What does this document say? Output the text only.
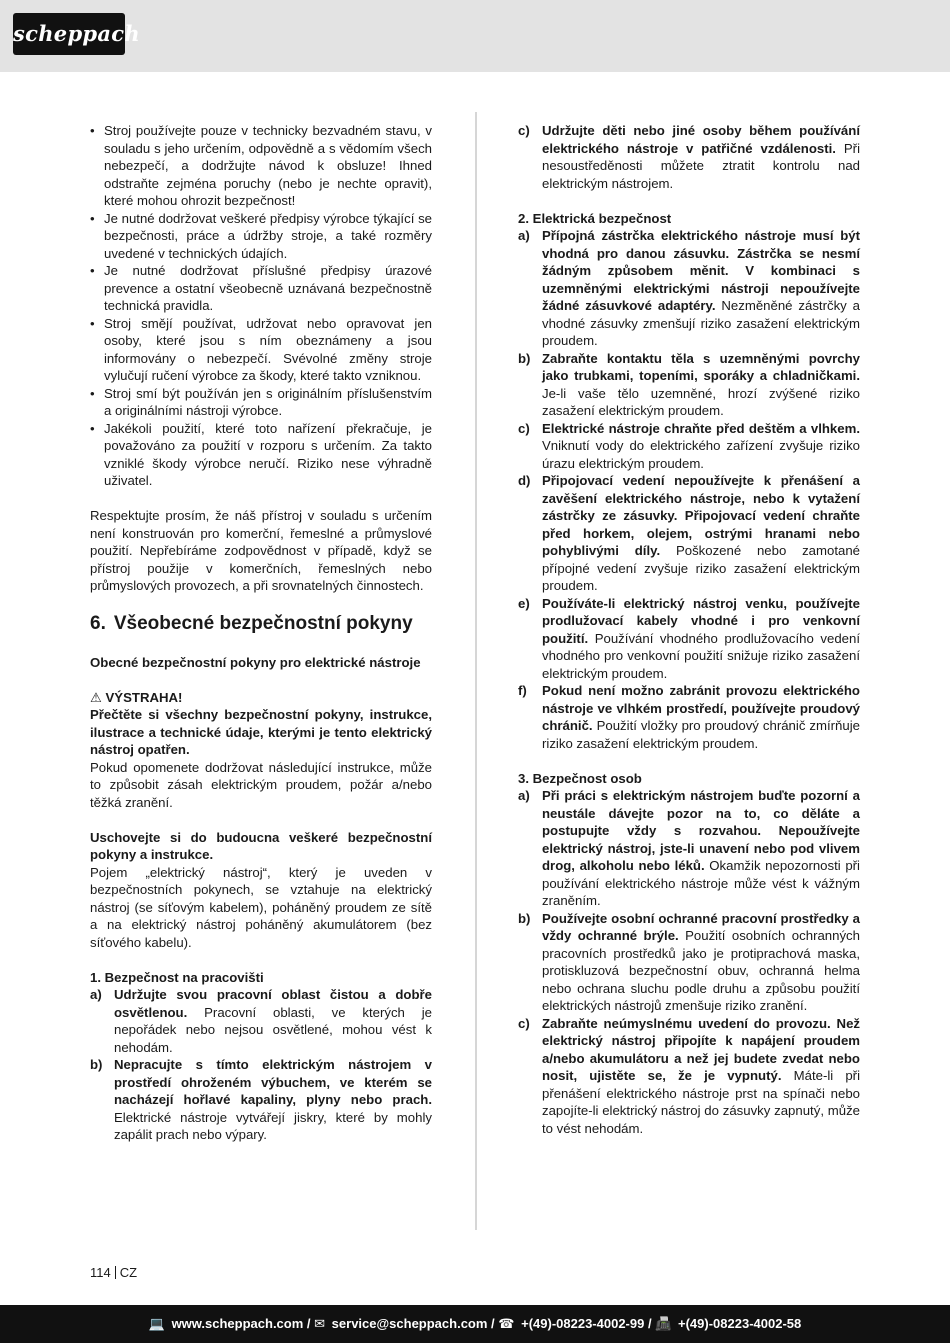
scheppach
• Stroj používejte pouze v technicky bezvadném stavu, v souladu s jeho určením, odpovědně a s vědomím všech nebezpečí, a dodržujte návod k obsluze! Ihned odstraňte zejména poruchy (nebo je nechte opravit), které mohou ohrozit bezpečnost!
• Je nutné dodržovat veškeré předpisy výrobce týkající se bezpečnosti, práce a údržby stroje, a také rozměry uvedené v technických údajích.
• Je nutné dodržovat příslušné předpisy úrazové prevence a ostatní všeobecně uznávaná bezpečnostně technická pravidla.
• Stroj smějí používat, udržovat nebo opravovat jen osoby, které jsou s ním obeznámeny a jsou informovány o nebezpečí. Svévolné změny stroje vylučují ručení výrobce za škody, které takto vzniknou.
• Stroj smí být používán jen s originálním příslušenstvím a originálními nástroji výrobce.
• Jakékoli použití, které toto nařízení překračuje, je považováno za použití v rozporu s určením. Za takto vzniklé škody výrobce neručí. Riziko nese výhradně uživatel.

Respektujte prosím, že náš přístroj v souladu s určením není konstruován pro komerční, řemeslné a průmyslové použití. Nepřebíráme zodpovědnost v případě, když se přístroj použije v komerčních, řemeslných nebo průmyslových provozech, a při srovnatelných činnostech.

6. Všeobecné bezpečnostní pokyny

Obecné bezpečnostní pokyny pro elektrické nástroje

⚠ VÝSTRAHA!

Přečtěte si všechny bezpečnostní pokyny, instrukce, ilustrace a technické údaje, kterými je tento elektrický nástroj opatřen.

Pokud opomenete dodržovat následující instrukce, může to způsobit zásah elektrickým proudem, požár a/nebo těžká zranění.

Uschovejte si do budoucna veškeré bezpečnostní pokyny a instrukce.

Pojem „elektrický nástroj“, který je uveden v bezpečnostních pokynech, se vztahuje na elektrický nástroj (se síťovým kabelem), poháněný proudem ze sítě a na elektrický nástroj poháněný akumulátorem (bez síťového kabelu).

1. Bezpečnost na pracovišti

a) Udržujte svou pracovní oblast čistou a dobře osvětlenou. Pracovní oblasti, ve kterých je nepořádek nebo nejsou osvětlené, mohou vést k nehodám.
b) Nepracujte s tímto elektrickým nástrojem v prostředí ohroženém výbuchem, ve kterém se nacházejí hořlavé kapaliny, plyny nebo prach. Elektrické nástroje vytvářejí jiskry, které by mohly zapálit prach nebo výpary.
c) Udržujte děti nebo jiné osoby během používání elektrického nástroje v patřičné vzdálenosti. Při nesoustředěnosti můžete ztratit kontrolu nad elektrickým nástrojem.

2. Elektrická bezpečnost

a) Přípojná zástrčka elektrického nástroje musí být vhodná pro danou zásuvku. Zástrčka se nesmí žádným způsobem měnit. V kombinaci s uzemněnými elektrickými nástroji nepoužívejte žádné zásuvkové adaptéry. Nezměněné zástrčky a vhodné zásuvky zmenšují riziko zasažení elektrickým proudem.
b) Zabraňte kontaktu těla s uzemněnými povrchy jako trubkami, topeními, sporáky a chladničkami. Je-li vaše tělo uzemněné, hrozí zvýšené riziko zasažení elektrickým proudem.
c) Elektrické nástroje chraňte před deštěm a vlhkem. Vniknutí vody do elektrického zařízení zvyšuje riziko úrazu elektrickým proudem.
d) Připojovací vedení nepoužívejte k přenášení a zavěšení elektrického nástroje, nebo k vytažení zástrčky ze zásuvky. Připojovací vedení chraňte před horkem, olejem, ostrými hranami nebo pohyblivými díly. Poškozené nebo zamotané přípojné vedení zvyšuje riziko zasažení elektrickým proudem.
e) Používáte-li elektrický nástroj venku, používejte prodlužovací kabely vhodné i pro venkovní použití. Používání vhodného prodlužovacího vedení vhodného pro venkovní použití snižuje riziko zasažení elektrickým proudem.
f) Pokud není možno zabránit provozu elektrického nástroje ve vlhkém prostředí, používejte proudový chránič. Použití vložky pro proudový chránič zmírňuje riziko zasažení elektrickým proudem.

3. Bezpečnost osob

a) Při práci s elektrickým nástrojem buďte pozorní a neustále dávejte pozor na to, co děláte a postupujte vždy s rozvahou. Nepoužívejte elektrický nástroj, jste-li unavení nebo pod vlivem drog, alkoholu nebo léků. Okamžik nepozornosti při používání elektrického nástroje může vést k vážným zraněním.
b) Používejte osobní ochranné pracovní prostředky a vždy ochranné brýle. Použití osobních ochranných pracovních prostředků jako je protiprachová maska, protiskluzová bezpečnostní obuv, ochranná helma nebo ochrana sluchu podle druhu a způsobu použití elektrických nástrojů zmenšuje riziko zranění.
c) Zabraňte neúmyslnému uvedení do provozu. Než elektrický nástroj připojíte k napájení proudem a/nebo akumulátoru a než jej budete zvedat nebo nosit, ujistěte se, že je vypnutý. Máte-li při přenášení elektrického nástroje prst na spínači nebo zapojíte-li elektrický nástroj do zásuvky zapnutý, může to vést nehodám.
114 CZ
💻 www.scheppach.com / ✉ service@scheppach.com / ☎ +(49)-08223-4002-99 / 📠 +(49)-08223-4002-58
